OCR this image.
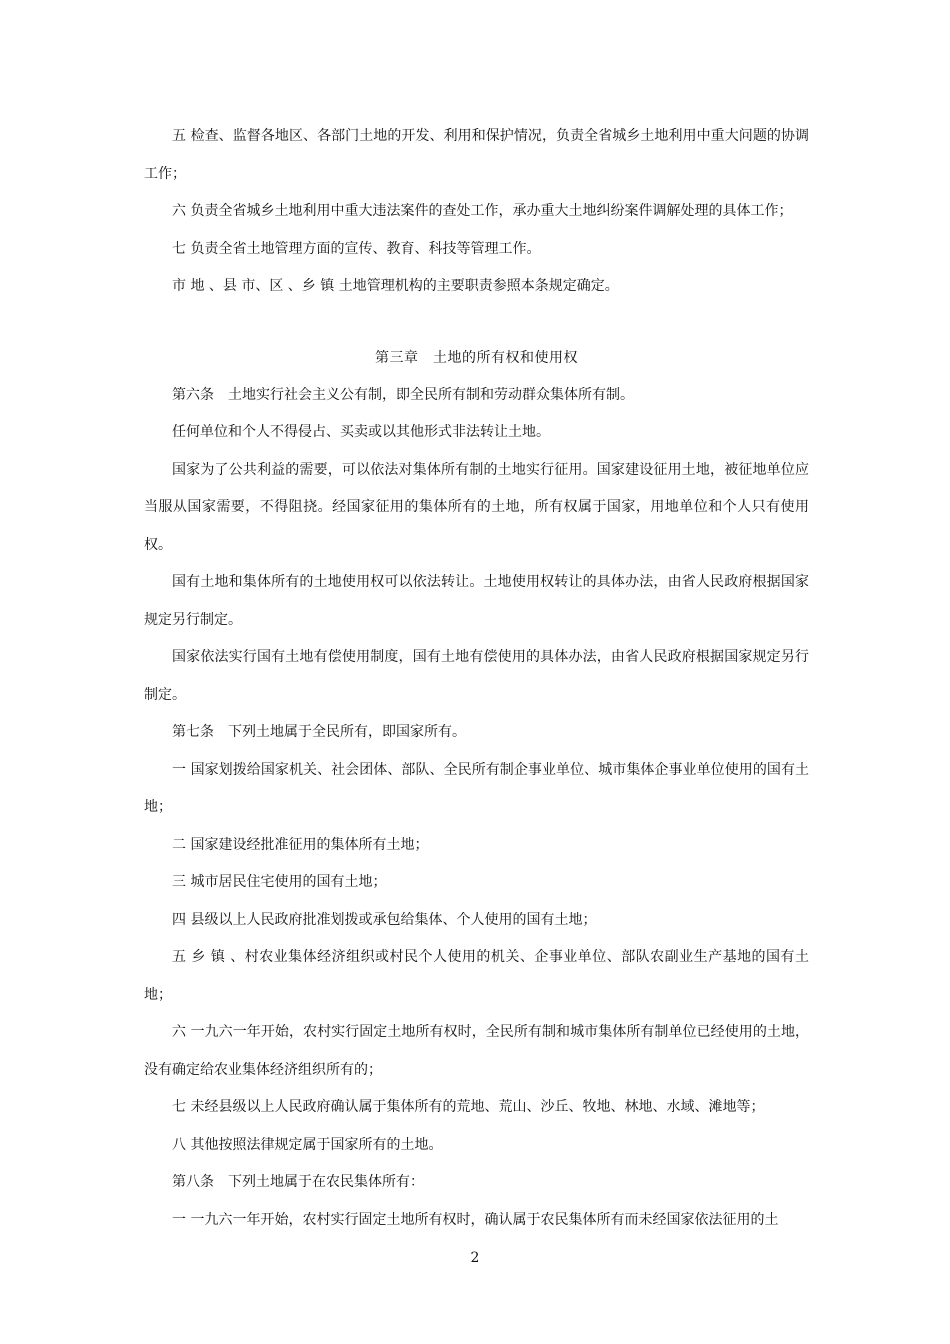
五 检查、监督各地区、各部门土地的开发、利用和保护情况，负责全省城乡土地利用中重大问题的协调工作；

六 负责全省城乡土地利用中重大违法案件的查处工作，承办重大土地纠纷案件调解处理的具体工作；

七 负责全省土地管理方面的宣传、教育、科技等管理工作。

市 地 、县 市、区 、乡 镇 土地管理机构的主要职责参照本条规定确定。

第三章　土地的所有权和使用权

第六条　土地实行社会主义公有制，即全民所有制和劳动群众集体所有制。

任何单位和个人不得侵占、买卖或以其他形式非法转让土地。

国家为了公共利益的需要，可以依法对集体所有制的土地实行征用。国家建设征用土地，被征地单位应当服从国家需要，不得阻挠。经国家征用的集体所有的土地，所有权属于国家，用地单位和个人只有使用权。

国有土地和集体所有的土地使用权可以依法转让。土地使用权转让的具体办法，由省人民政府根据国家规定另行制定。

国家依法实行国有土地有偿使用制度，国有土地有偿使用的具体办法，由省人民政府根据国家规定另行制定。

第七条　下列土地属于全民所有，即国家所有。

一 国家划拨给国家机关、社会团体、部队、全民所有制企事业单位、城市集体企事业单位使用的国有土地；

二 国家建设经批准征用的集体所有土地；

三 城市居民住宅使用的国有土地；

四 县级以上人民政府批准划拨或承包给集体、个人使用的国有土地；

五 乡 镇 、村农业集体经济组织或村民个人使用的机关、企事业单位、部队农副业生产基地的国有土地；

六 一九六一年开始，农村实行固定土地所有权时，全民所有制和城市集体所有制单位已经使用的土地，没有确定给农业集体经济组织所有的；

七 未经县级以上人民政府确认属于集体所有的荒地、荒山、沙丘、牧地、林地、水域、滩地等；

八 其他按照法律规定属于国家所有的土地。

第八条　下列土地属于在农民集体所有：

一 一九六一年开始，农村实行固定土地所有权时，确认属于农民集体所有而未经国家依法征用的土

2
